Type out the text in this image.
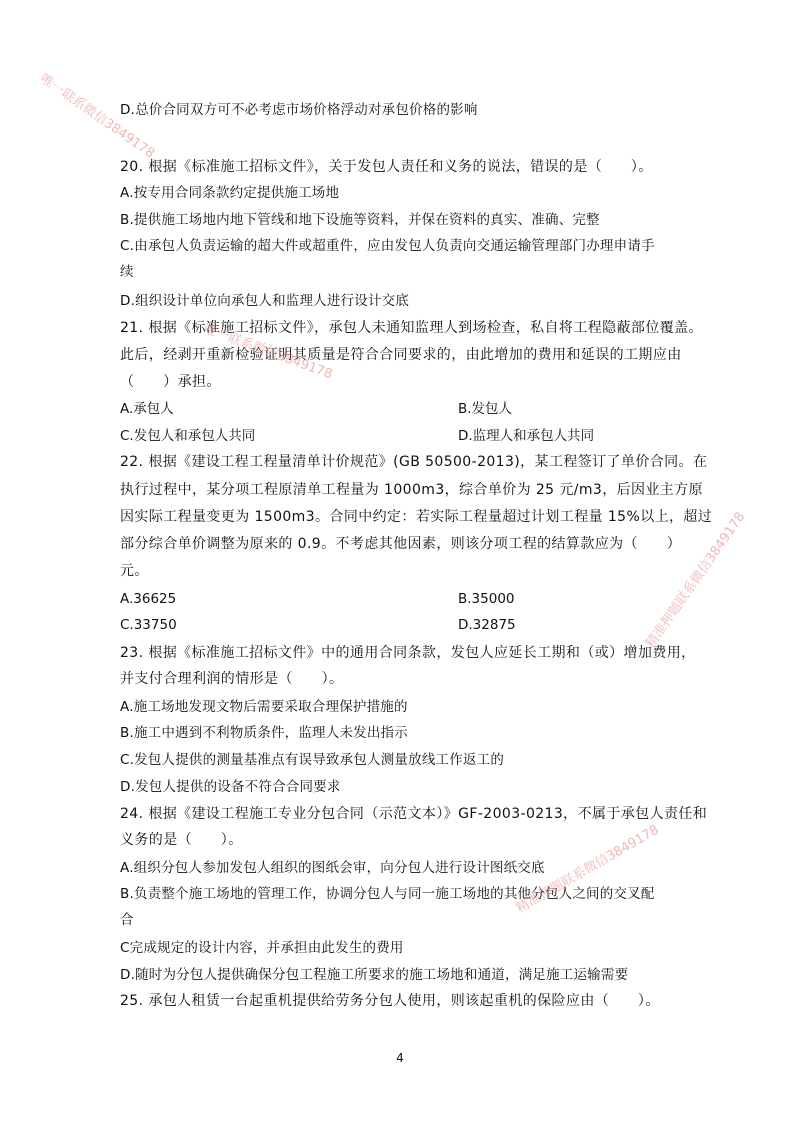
D.总价合同双方可不必考虑市场价格浮动对承包价格的影响

20. 根据《标准施工招标文件》，关于发包人责任和义务的说法，错误的是（　　）。

A.按专用合同条款约定提供施工场地

B.提供施工场地内地下管线和地下设施等资料，并保在资料的真实、准确、完整

C.由承包人负责运输的超大件或超重件，应由发包人负责向交通运输管理部门办理申请手

续

D.组织设计单位向承包人和监理人进行设计交底

21. 根据《标准施工招标文件》，承包人未通知监理人到场检查，私自将工程隐蔽部位覆盖。

此后，经剥开重新检验证明其质量是符合合同要求的，由此增加的费用和延误的工期应由

（　　）承担。

A.承包人	B.发包人

C.发包人和承包人共同	D.监理人和承包人共同

22. 根据《建设工程工程量清单计价规范》(GB 50500-2013)，某工程签订了单价合同。在

执行过程中，某分项工程原清单工程量为 1000m3，综合单价为 25 元/m3，后因业主方原

因实际工程量变更为 1500m3。合同中约定：若实际工程量超过计划工程量 15%以上，超过

部分综合单价调整为原来的 0.9。不考虑其他因素，则该分项工程的结算款应为（　　）

元。

A.36625	B.35000

C.33750	D.32875

23. 根据《标准施工招标文件》中的通用合同条款，发包人应延长工期和（或）增加费用，

并支付合理利润的情形是（　　）。

A.施工场地发现文物后需要采取合理保护措施的

B.施工中遇到不利物质条件，监理人未发出指示

C.发包人提供的测量基准点有误导致承包人测量放线工作返工的

D.发包人提供的设备不符合合同要求

24. 根据《建设工程施工专业分包合同（示范文本）》GF-2003-0213，不属于承包人责任和

义务的是（　　）。

A.组织分包人参加发包人组织的图纸会审，向分包人进行设计图纸交底

B.负责整个施工场地的管理工作，协调分包人与同一施工场地的其他分包人之间的交叉配

合

C完成规定的设计内容，并承担由此发生的费用

D.随时为分包人提供确保分包工程施工所要求的施工场地和通道，满足施工运输需要

25. 承包人租赁一台起重机提供给劳务分包人使用，则该起重机的保险应由（　　）。

4
唯一联系微信3849178
唯一联系微信3849178
精准押题联系微信3849178
精准押题联系微信3849178
